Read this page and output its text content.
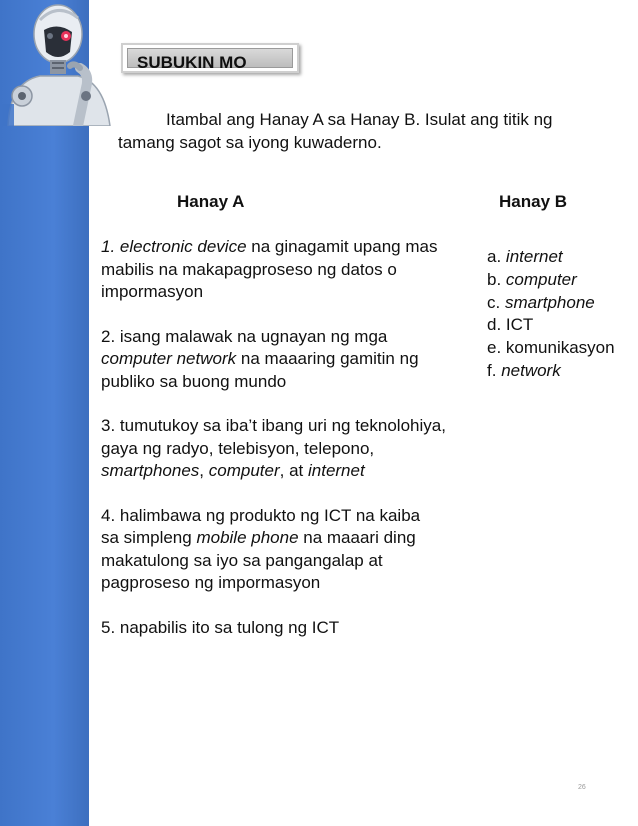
SUBUKIN MO
Itambal ang Hanay A sa Hanay B. Isulat ang titik ng
tamang sagot sa iyong kuwaderno.
Hanay A	Hanay B
1. electronic device na ginagamit upang mas
mabilis na makapagproseso ng datos o
impormasyon
2. isang malawak na ugnayan ng mga
computer network na maaaring gamitin ng
publiko sa buong mundo
3. tumutukoy sa iba’t ibang uri ng teknolohiya,
gaya ng radyo, telebisyon, telepono,
smartphones, computer, at internet
4. halimbawa ng produkto ng ICT na kaiba
sa simpleng mobile phone na maaari ding
makatulong sa iyo sa pangangalap at
pagproseso ng impormasyon
5. napabilis ito sa tulong ng ICT
a. internet
b. computer
c. smartphone
d. ICT
e. komunikasyon
f. network
26
